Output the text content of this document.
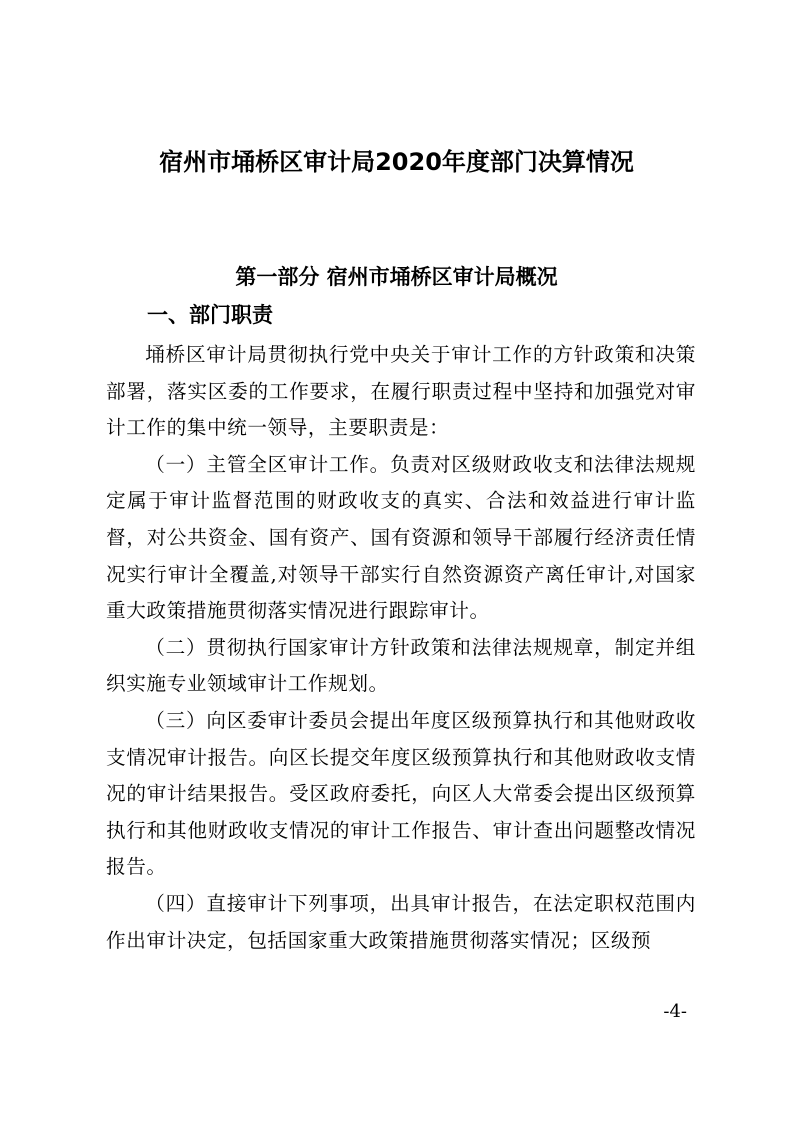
宿州市埇桥区审计局2020年度部门决算情况
第一部分 宿州市埇桥区审计局概况
一、部门职责

埇桥区审计局贯彻执行党中央关于审计工作的方针政策和决策部署，落实区委的工作要求，在履行职责过程中坚持和加强党对审计工作的集中统一领导，主要职责是：

（一）主管全区审计工作。负责对区级财政收支和法律法规规定属于审计监督范围的财政收支的真实、合法和效益进行审计监督，对公共资金、国有资产、国有资源和领导干部履行经济责任情况实行审计全覆盖,对领导干部实行自然资源资产离任审计,对国家重大政策措施贯彻落实情况进行跟踪审计。

（二）贯彻执行国家审计方针政策和法律法规规章，制定并组织实施专业领域审计工作规划。

（三）向区委审计委员会提出年度区级预算执行和其他财政收支情况审计报告。向区长提交年度区级预算执行和其他财政收支情况的审计结果报告。受区政府委托，向区人大常委会提出区级预算执行和其他财政收支情况的审计工作报告、审计查出问题整改情况报告。

（四）直接审计下列事项，出具审计报告，在法定职权范围内作出审计决定，包括国家重大政策措施贯彻落实情况；区级预

-4-
